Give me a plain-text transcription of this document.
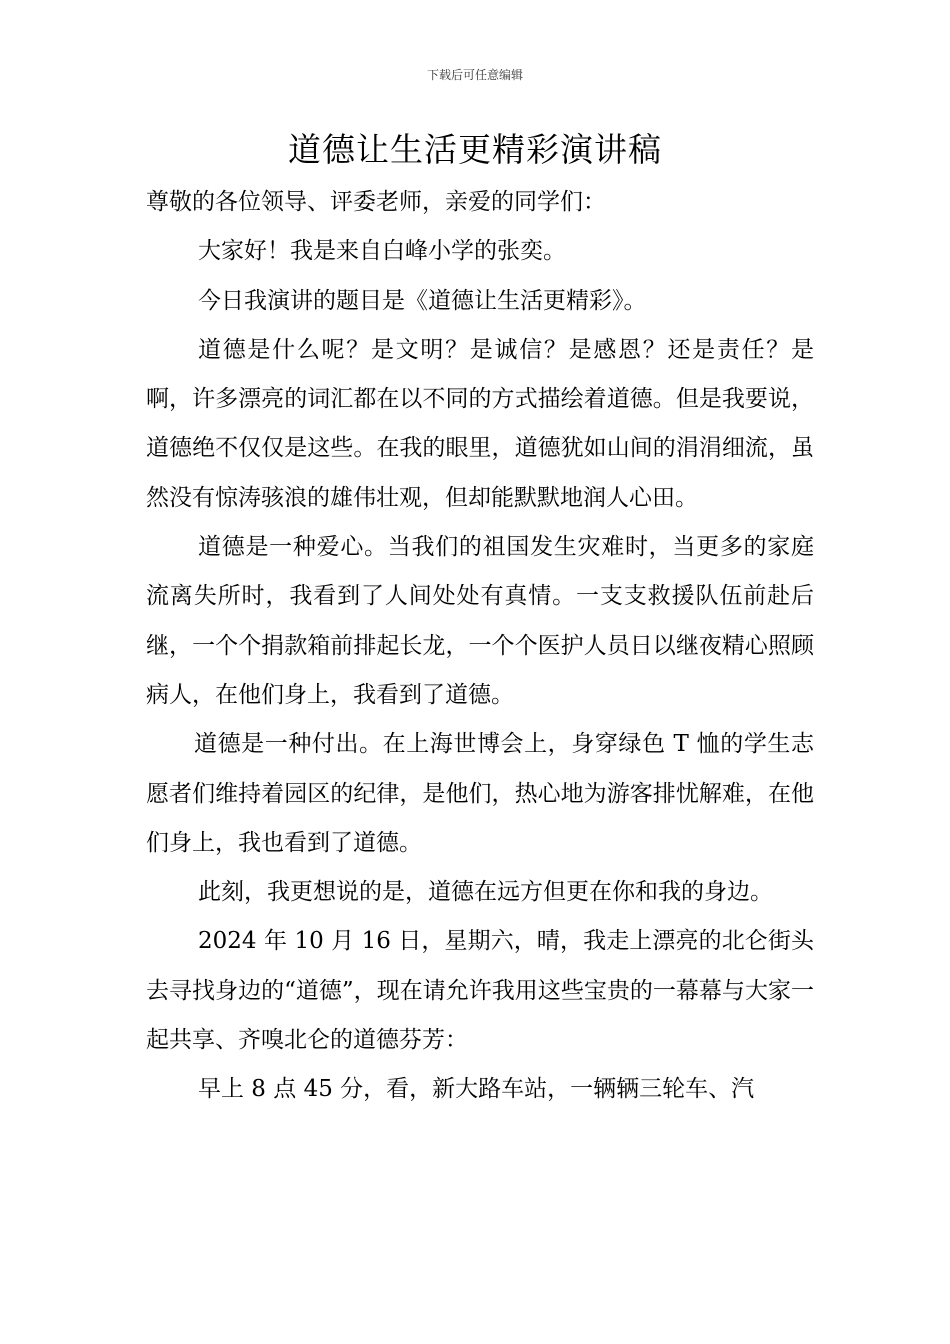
下载后可任意编辑
道德让生活更精彩演讲稿

尊敬的各位领导、评委老师，亲爱的同学们：

大家好！我是来自白峰小学的张奕。

今日我演讲的题目是《道德让生活更精彩》。

道德是什么呢？是文明？是诚信？是感恩？还是责任？是啊，许多漂亮的词汇都在以不同的方式描绘着道德。但是我要说，道德绝不仅仅是这些。在我的眼里，道德犹如山间的涓涓细流，虽然没有惊涛骇浪的雄伟壮观，但却能默默地润人心田。

道德是一种爱心。当我们的祖国发生灾难时，当更多的家庭流离失所时，我看到了人间处处有真情。一支支救援队伍前赴后继，一个个捐款箱前排起长龙，一个个医护人员日以继夜精心照顾病人，在他们身上，我看到了道德。

道德是一种付出。在上海世博会上，身穿绿色 T 恤的学生志愿者们维持着园区的纪律，是他们，热心地为游客排忧解难，在他们身上，我也看到了道德。

此刻，我更想说的是，道德在远方但更在你和我的身边。

2024 年 10 月 16 日，星期六，晴，我走上漂亮的北仑街头去寻找身边的“道德”，现在请允许我用这些宝贵的一幕幕与大家一起共享、齐嗅北仑的道德芬芳：

早上 8 点 45 分，看，新大路车站，一辆辆三轮车、汽
